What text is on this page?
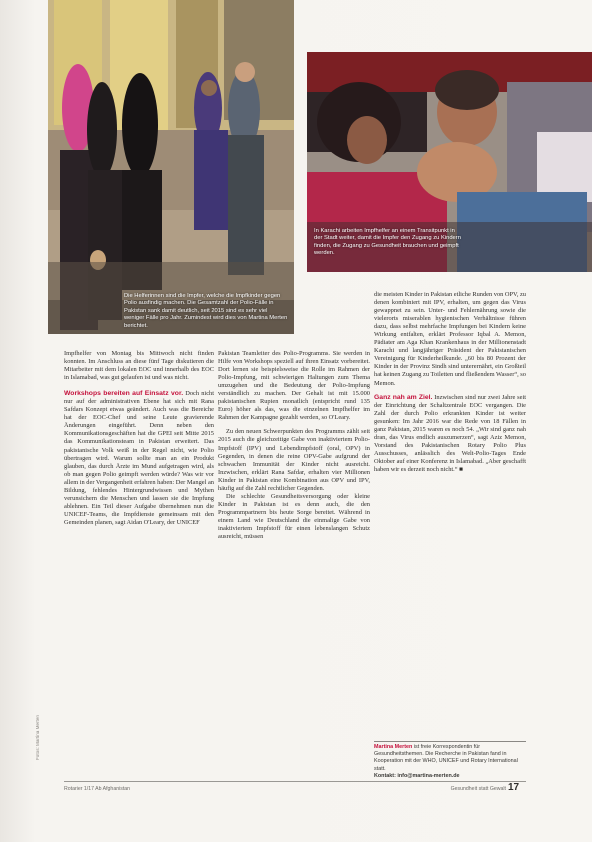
Die Helferinnen sind die Impfer, welche die Impfkinder gegen Polio ausfindig machen. Die Gesamtzahl der Polio-Fälle in Pakistan sank damit deutlich, seit 2015 sind es sehr viel weniger Fälle pro Jahr. Zumindest wird dies von Martina Merten berichtet.
In Karachi arbeiten Impfhelfer an einem Transitpunkt in der Stadt weiter, damit die Impfer den Zugang zu Kindern finden, die Zugang zu Gesundheit brauchen und geimpft werden.

Impfhelfer von Montag bis Mittwoch nicht finden konnten. Im Anschluss an diese fünf Tage diskutieren die Mitarbeiter mit dem lokalen EOC und innerhalb des EOC in Islamabad, was gut gelaufen ist und was nicht.

Workshops bereiten auf Einsatz vor. Doch nicht nur auf der administrativen Ebene hat sich mit Rana Safdars Konzept etwas geändert. Auch was die Bereiche hat der EOC-Chef und seine Leute gravierende Änderungen eingeführt. Denn neben den Kommunikationsgeschäften hat die GPEI seit Mitte 2015 das Kommunikationsteam in Pakistan erweitert. Das pakistanische Volk weiß in der Regel nicht, wie Polio übertragen wird. Warum sollte man an ein Produkt glauben, das durch Ärzte im Mund aufgetragen wird, als ob man gegen Polio geimpft werden würde? Was wir vor allem in der Vergangenheit erfahren haben: Der Mangel an Bildung, fehlendes Hintergrundwissen und Mythen verunsichern die Menschen und lassen sie die Impfung ablehnen. Ein Teil dieser Aufgabe übernehmen nun die UNICEF-Teams, die Impfdienste gemeinsam mit den Gemeinden planen, sagt Aidan O'Leary, der UNICEF

Pakistan Teamleiter des Polio-Programms. Sie werden in Hilfe von Workshops speziell auf ihren Einsatz vorbereitet. Dort lernen sie beispielsweise die Rolle im Rahmen der Polio-Impfung, mit schwierigen Haltungen zum Thema umzugehen und die Bedeutung der Polio-Impfung verständlich zu machen. Der Gehalt ist mit 15.000 pakistanischen Rupien monatlich (entspricht rund 135 Euro) höher als das, was die einzelnen Impfhelfer im Rahmen der Kampagne gezahlt werden, so O'Leary.

Zu den neuen Schwerpunkten des Programms zählt seit 2015 auch die gleichzeitige Gabe von inaktiviertem Polio-Impfstoff (IPV) und Lebendimpfstoff (oral, OPV) in Gegenden, in denen die reine OPV-Gabe aufgrund der schwachen Immunität der Kinder nicht ausreicht. Inzwischen, erklärt Rana Safdar, erhalten vier Millionen Kinder in Pakistan eine Kombination aus OPV und IPV, häufig auf die Zahl rechtlicher Gegenden.

Die schlechte Gesundheitsversorgung oder kleine Kinder in Pakistan ist es denn auch, die den Programmpartnern bis heute Sorge bereitet. Während in einem Land wie Deutschland die einmalige Gabe von inaktiviertem Impfstoff für einen lebenslangen Schutz ausreicht, müssen

die meisten Kinder in Pakistan etliche Runden von OPV, zu denen kombiniert mit IPV, erhalten, um gegen das Virus gewappnet zu sein. Unter- und Fehlernährung sowie die vielerorts miserablen hygienischen Verhältnisse führen dazu, dass selbst mehrfache Impfungen bei Kindern keine Wirkung entfalten, erklärt Professor Iqbal A. Memon, Pädiater am Aga Khan Krankenhaus in der Millionenstadt Karachi und langjähriger Präsident der Pakistanischen Vereinigung für Kinderheilkunde. „60 bis 80 Prozent der Kinder in der Provinz Sindh sind unterernährt, ein Großteil hat keinen Zugang zu Toiletten und fließendem Wasser“, so Memon.

Ganz nah am Ziel. Inzwischen sind nur zwei Jahre seit der Einrichtung der Schaltzentrale EOC vergangen. Die Zahl der durch Polio erkrankten Kinder ist weiter gesunken: Im Jahr 2016 war die Rede von 18 Fällen in ganz Pakistan, 2015 waren es noch 54. „Wir sind ganz nah dran, das Virus endlich auszumerzen“, sagt Aziz Memon, Vorstand des Pakistanischen Rotary Polio Plus Ausschusses, anlässlich des Welt-Polio-Tages Ende Oktober auf einer Konferenz in Islamabad. „Aber geschafft haben wir es derzeit noch nicht.“ ■

Martina Merten ist freie Korrespondentin für Gesundheitsthemen. Die Recherche in Pakistan fand in Kooperation mit der WHO, UNICEF und Rotary International statt.
Kontakt: info@martina-merten.de
Fotos: Martina Merten
Rotarier 1/17 Ab Afghanistan	Gesundheit statt Gewalt 17
